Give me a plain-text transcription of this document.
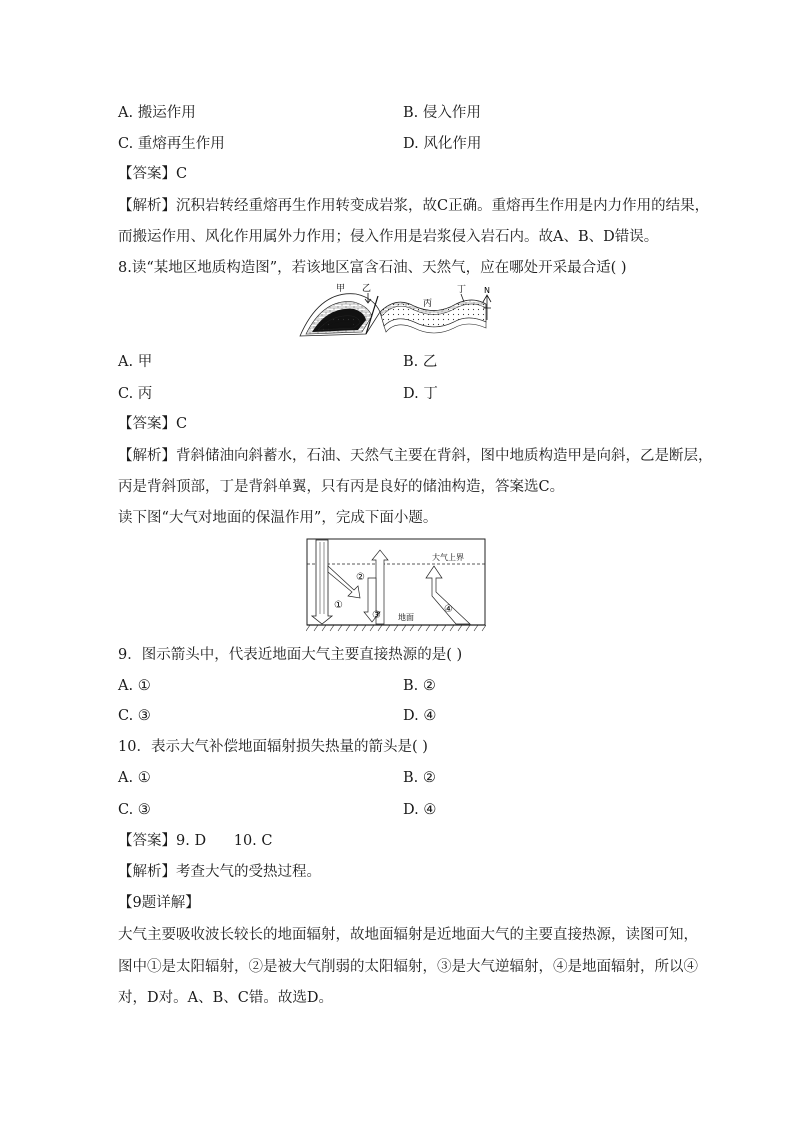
A. 搬运作用	B. 侵入作用
C. 重熔再生作用	D. 风化作用
【答案】C
【解析】沉积岩转经重熔再生作用转变成岩浆，故C正确。重熔再生作用是内力作用的结果，
而搬运作用、风化作用属外力作用；侵入作用是岩浆侵入岩石内。故A、B、D错误。
8.读“某地区地质构造图”，若该地区富含石油、天然气，应在哪处开采最合适( )
甲 乙
丙
丁 N
A. 甲	B. 乙
C. 丙	D. 丁
【答案】C
【解析】背斜储油向斜蓄水，石油、天然气主要在背斜，图中地质构造甲是向斜，乙是断层，
丙是背斜顶部，丁是背斜单翼，只有丙是良好的储油构造，答案选C。
读下图“大气对地面的保温作用”，完成下面小题。
大气上界
地面
①
②
③
④
9．图示箭头中，代表近地面大气主要直接热源的是( )
A. ①	B. ②
C. ③	D. ④
10．表示大气补偿地面辐射损失热量的箭头是( )
A. ①	B. ②
C. ③	D. ④
【答案】9. D      10. C
【解析】考查大气的受热过程。
【9题详解】
大气主要吸收波长较长的地面辐射，故地面辐射是近地面大气的主要直接热源，读图可知，
图中①是太阳辐射，②是被大气削弱的太阳辐射，③是大气逆辐射，④是地面辐射，所以④
对，D对。A、B、C错。故选D。
